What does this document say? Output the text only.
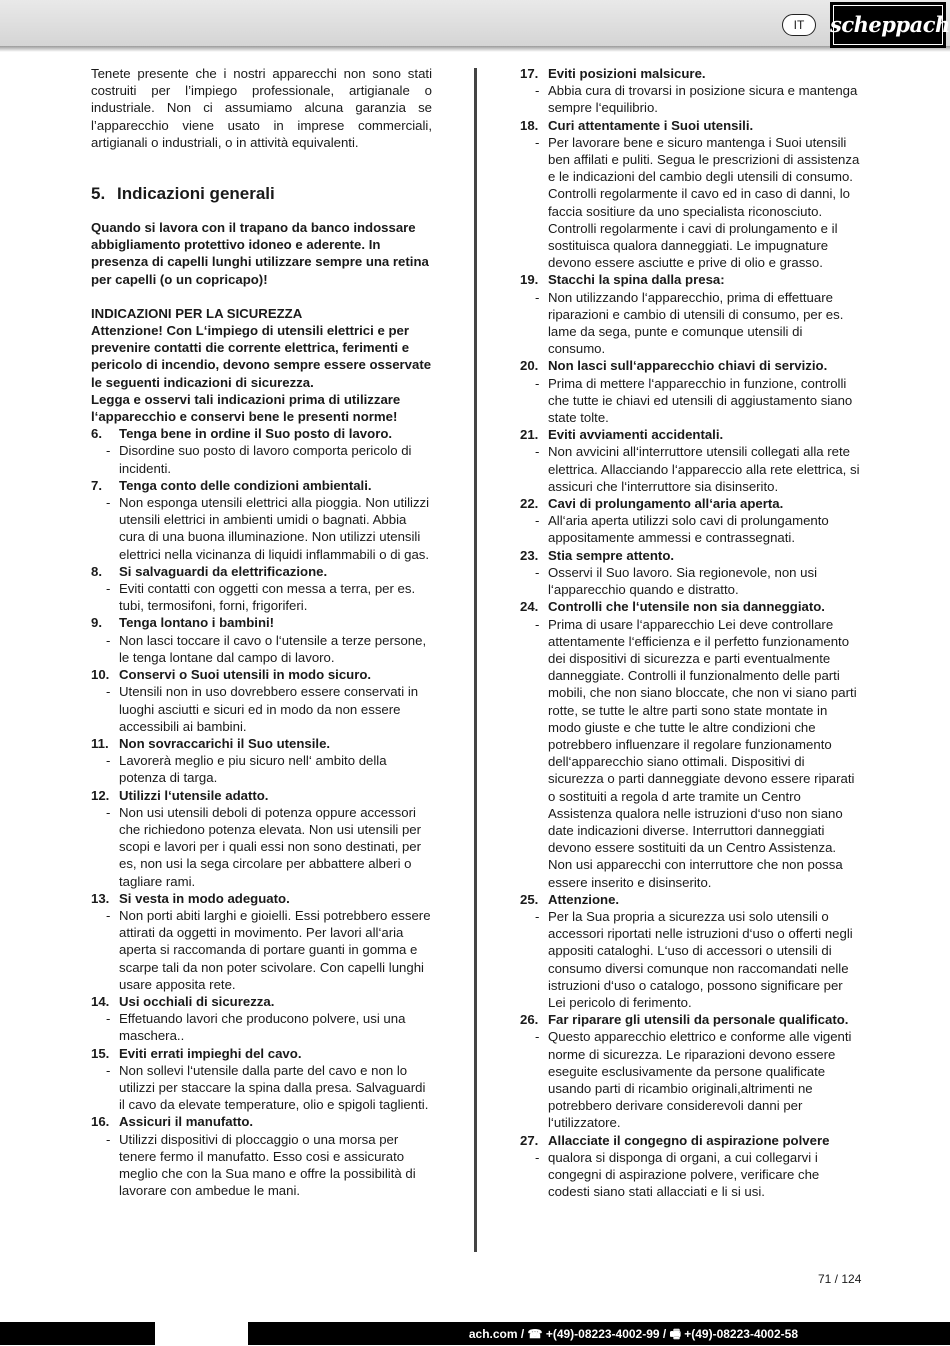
IT	scheppach

Tenete presente che i nostri apparecchi non sono stati costruiti per l’impiego professionale, artigianale o industriale. Non ci assumiamo alcuna garanzia se l’apparecchio viene usato in imprese commerciali, artigianali o industriali, o in attività equivalenti.

5. Indicazioni generali

Quando si lavora con il trapano da banco indossare abbigliamento protettivo idoneo e aderente. In presenza di capelli lunghi utilizzare sempre una retina per capelli (o un copricapo)!

INDICAZIONI PER LA SICUREZZA

Attenzione! Con L‘impiego di utensili elettrici e per prevenire contatti die corrente elettrica, ferimenti e pericolo di incendio, devono sempre essere osservate le seguenti indicazioni di sicurezza.

Legga e osservi tali indicazioni prima di utilizzare l‘apparecchio e conservi bene le presenti norme!

6. Tenga bene in ordine il Suo posto di lavoro.
- Disordine suo posto di lavoro comporta pericolo di incidenti.
7. Tenga conto delle condizioni ambientali.
- Non esponga utensili elettrici alla pioggia. Non utilizzi utensili elettrici in ambienti umidi o bagnati. Abbia cura di una buona illuminazione. Non utilizzi utensili elettrici nella vicinanza di liquidi inflammabili o di gas.
8. Si salvaguardi da elettrificazione.
- Eviti contatti con oggetti con messa a terra, per es. tubi, termosifoni, forni, frigoriferi.
9. Tenga lontano i bambini!
- Non lasci toccare il cavo o l‘utensile a terze persone, le tenga lontane dal campo di lavoro.
10. Conservi o Suoi utensili in modo sicuro.
- Utensili non in uso dovrebbero essere conservati in luoghi asciutti e sicuri ed in modo da non essere accessibili ai bambini.
11. Non sovraccarichi il Suo utensile.
- Lavorerà meglio e piu sicuro nell‘ ambito della potenza di targa.
12. Utilizzi l‘utensile adatto.
- Non usi utensili deboli di potenza oppure accessori che richiedono potenza elevata. Non usi utensili per scopi e lavori per i quali essi non sono destinati, per es, non usi la sega circolare per abbattere alberi o tagliare rami.
13. Si vesta in modo adeguato.
- Non porti abiti larghi e gioielli. Essi potrebbero essere attirati da oggetti in movimento. Per lavori all‘aria aperta si raccomanda di portare guanti in gomma e scarpe tali da non poter scivolare. Con capelli lunghi usare apposita rete.
14. Usi occhiali di sicurezza.
- Effetuando lavori che producono polvere, usi una maschera..
15. Eviti errati impieghi del cavo.
- Non sollevi l‘utensile dalla parte del cavo e non lo utilizzi per staccare la spina dalla presa. Salvaguardi il cavo da elevate temperature, olio e spigoli taglienti.
16. Assicuri il manufatto.
- Utilizzi dispositivi di ploccaggio o una morsa per tenere fermo il manufatto. Esso cosi e assicurato meglio che con la Sua mano e offre la possibilità di lavorare con ambedue le mani.
17. Eviti posizioni malsicure.
- Abbia cura di trovarsi in posizione sicura e mantenga sempre l‘equilibrio.
18. Curi attentamente i Suoi utensili.
- Per lavorare bene e sicuro mantenga i Suoi utensili ben affilati e puliti. Segua le prescrizioni di assistenza e le indicazioni del cambio degli utensili di consumo. Controlli regolarmente il cavo ed in caso di danni, lo faccia sositiure da uno specialista riconosciuto. Controlli regolarmente i cavi di prolungamento e il sostituisca qualora danneggiati. Le impugnature devono essere asciutte e prive di olio e grasso.
19. Stacchi la spina dalla presa:
- Non utilizzando l‘apparecchio, prima di effettuare riparazioni e cambio di utensili di consumo, per es. lame da sega, punte e comunque utensili di consumo.
20. Non lasci sull‘apparecchio chiavi di servizio.
- Prima di mettere l‘apparecchio in funzione, controlli che tutte ie chiavi ed utensili di aggiustamento siano state tolte.
21. Eviti avviamenti accidentali.
- Non avvicini all‘interruttore utensili collegati alla rete elettrica. Allacciando l‘appareccio alla rete elettrica, si assicuri che l‘interruttore sia disinserito.
22. Cavi di prolungamento all‘aria aperta.
- All‘aria aperta utilizzi solo cavi di prolungamento appositamente ammessi e contrassegnati.
23. Stia sempre attento.
- Osservi il Suo lavoro. Sia regionevole, non usi l‘apparecchio quando e distratto.
24. Controlli che l‘utensile non sia danneggiato.
- Prima di usare l‘apparecchio Lei deve controllare attentamente l‘efficienza e il perfetto funzionamento dei dispositivi di sicurezza e parti eventualmente danneggiate. Controlli il funzionalmento delle parti mobili, che non siano bloccate, che non vi siano parti rotte, se tutte le altre parti sono state montate in modo giuste e che tutte le altre condizioni che potrebbero influenzare il regolare funzionamento dell‘apparecchio siano ottimali. Dispositivi di sicurezza o parti danneggiate devono essere riparati o sostituiti a regola d arte tramite un Centro Assistenza qualora nelle istruzioni d‘uso non siano date indicazioni diverse. Interruttori danneggiati devono essere sostituiti da un Centro Assistenza. Non usi apparecchi con interruttore che non possa essere inserito e disinserito.
25. Attenzione.
- Per la Sua propria a sicurezza usi solo utensili o accessori riportati nelle istruzioni d‘uso o offerti negli appositi cataloghi. L‘uso di accessori o utensili di consumo diversi comunque non raccomandati nelle istruzioni d‘uso o catalogo, possono significare per Lei pericolo di ferimento.
26. Far riparare gli utensili da personale qualificato.
- Questo apparecchio elettrico e conforme alle vigenti norme di sicurezza. Le riparazioni devono essere eseguite esclusivamente da persone qualificate usando parti di ricambio originali,altrimenti ne potrebbero derivare considerevoli danni per l‘utilizzatore.
27. Allacciate il congegno di aspirazione polvere
- qualora si disponga di organi, a cui collegarvi i congegni di aspirazione polvere, verificare che codesti siano stati allacciati e li si usi.
71 / 124
ach.com / ☎ +(49)-08223-4002-99 / 🖷 +(49)-08223-4002-58
